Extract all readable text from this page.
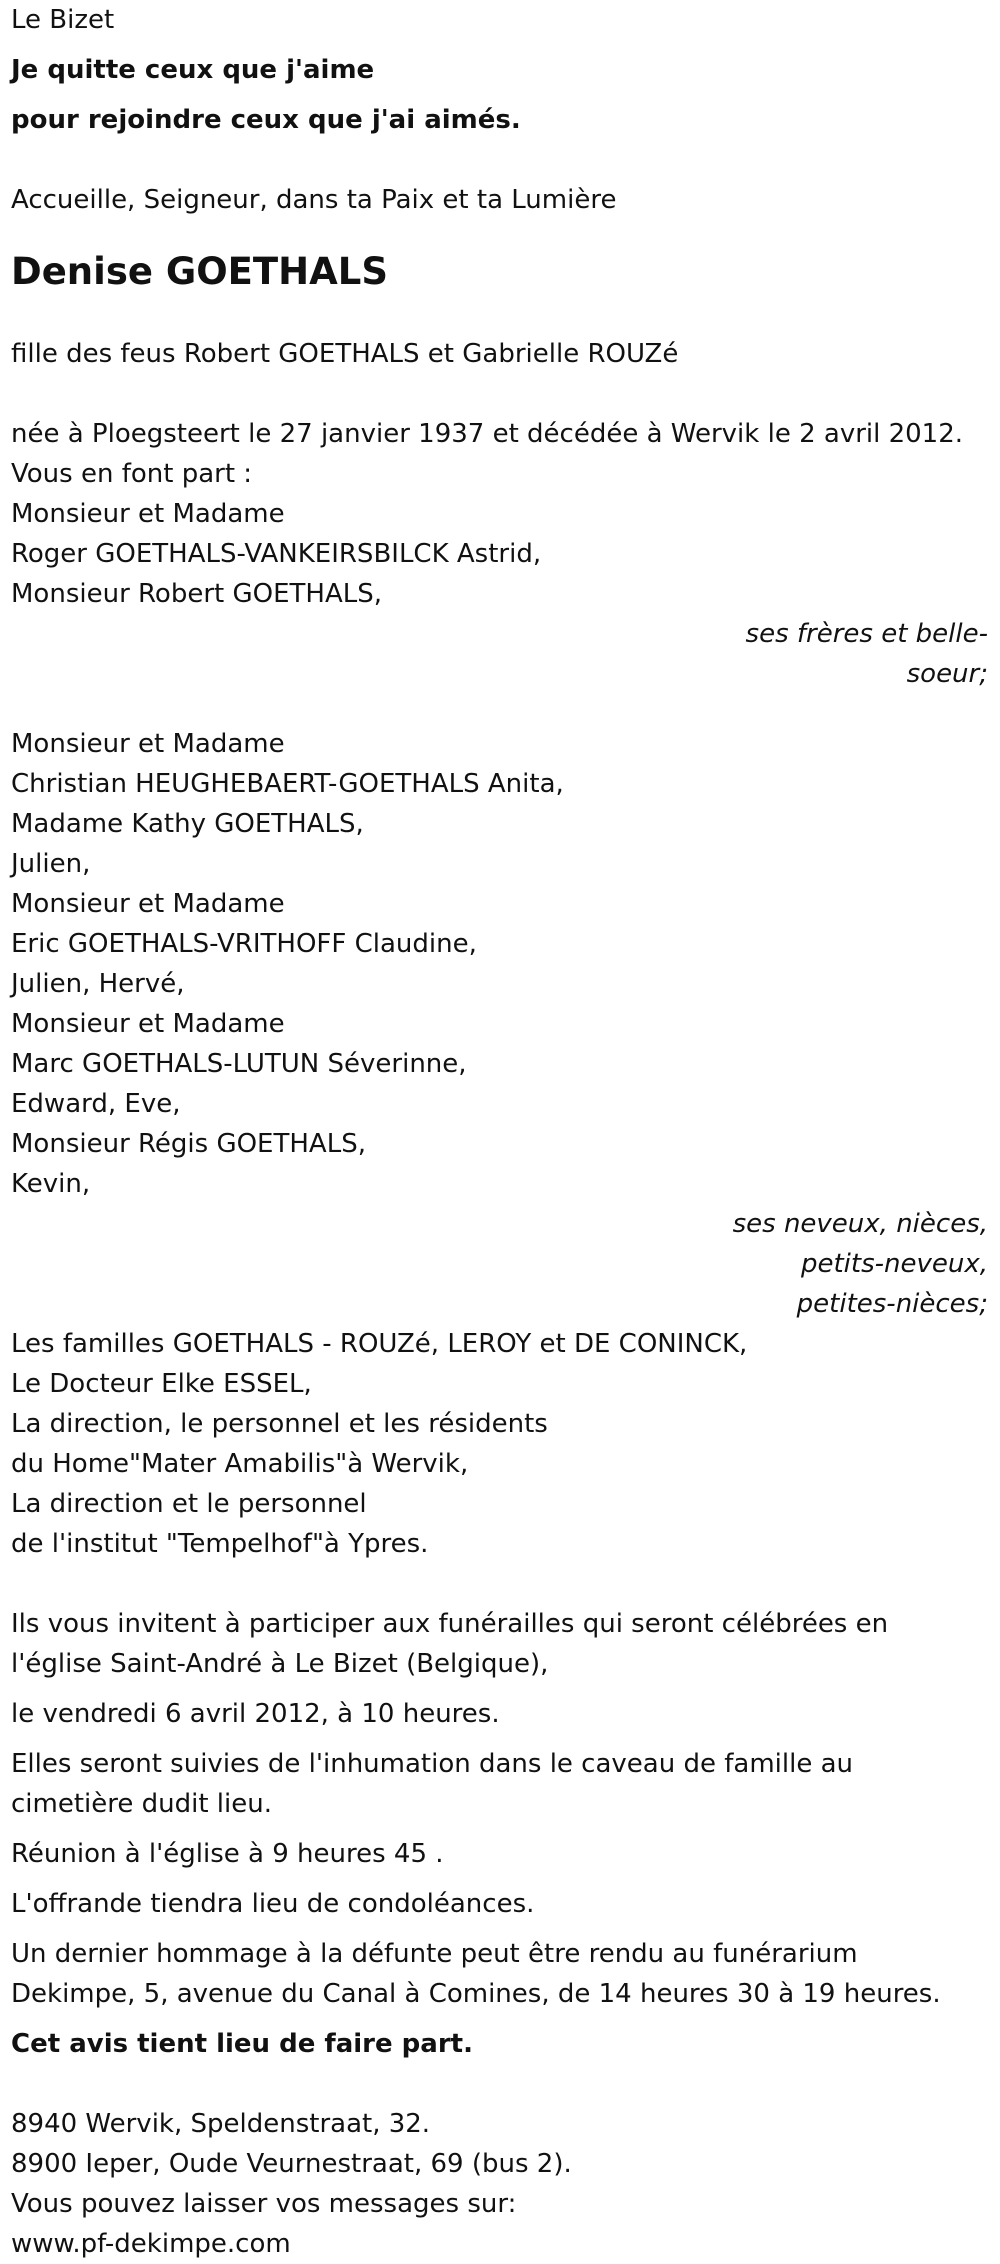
Le Bizet
Je quitte ceux que j'aime
pour rejoindre ceux que j'ai aimés.
Accueille, Seigneur, dans ta Paix et ta Lumière
Denise GOETHALS
fille des feus Robert GOETHALS et Gabrielle ROUZé
née à Ploegsteert le 27 janvier 1937 et décédée à Wervik le 2 avril 2012.
Vous en font part :
Monsieur et Madame
Roger GOETHALS-VANKEIRSBILCK Astrid,
Monsieur Robert GOETHALS,
ses frères et belle-
soeur;
Monsieur et Madame
Christian HEUGHEBAERT-GOETHALS Anita,
Madame Kathy GOETHALS,
Julien,
Monsieur et Madame
Eric GOETHALS-VRITHOFF Claudine,
Julien, Hervé,
Monsieur et Madame
Marc GOETHALS-LUTUN Séverinne,
Edward, Eve,
Monsieur Régis GOETHALS,
Kevin,
ses neveux, nièces,
petits-neveux,
petites-nièces;
Les familles GOETHALS - ROUZé, LEROY et DE CONINCK,
Le Docteur Elke ESSEL,
La direction, le personnel et les résidents
du Home"Mater Amabilis"à Wervik,
La direction et le personnel
de l'institut "Tempelhof"à Ypres.
Ils vous invitent à participer aux funérailles qui seront célébrées en
l'église Saint-André à Le Bizet (Belgique),
le vendredi 6 avril 2012, à 10 heures.
Elles seront suivies de l'inhumation dans le caveau de famille au
cimetière dudit lieu.
Réunion à l'église à 9 heures 45 .
L'offrande tiendra lieu de condoléances.
Un dernier hommage à la défunte peut être rendu au funérarium
Dekimpe, 5, avenue du Canal à Comines, de 14 heures 30 à 19 heures.
Cet avis tient lieu de faire part.
8940 Wervik, Speldenstraat, 32.
8900 Ieper, Oude Veurnestraat, 69 (bus 2).
Vous pouvez laisser vos messages sur:
www.pf-dekimpe.com
